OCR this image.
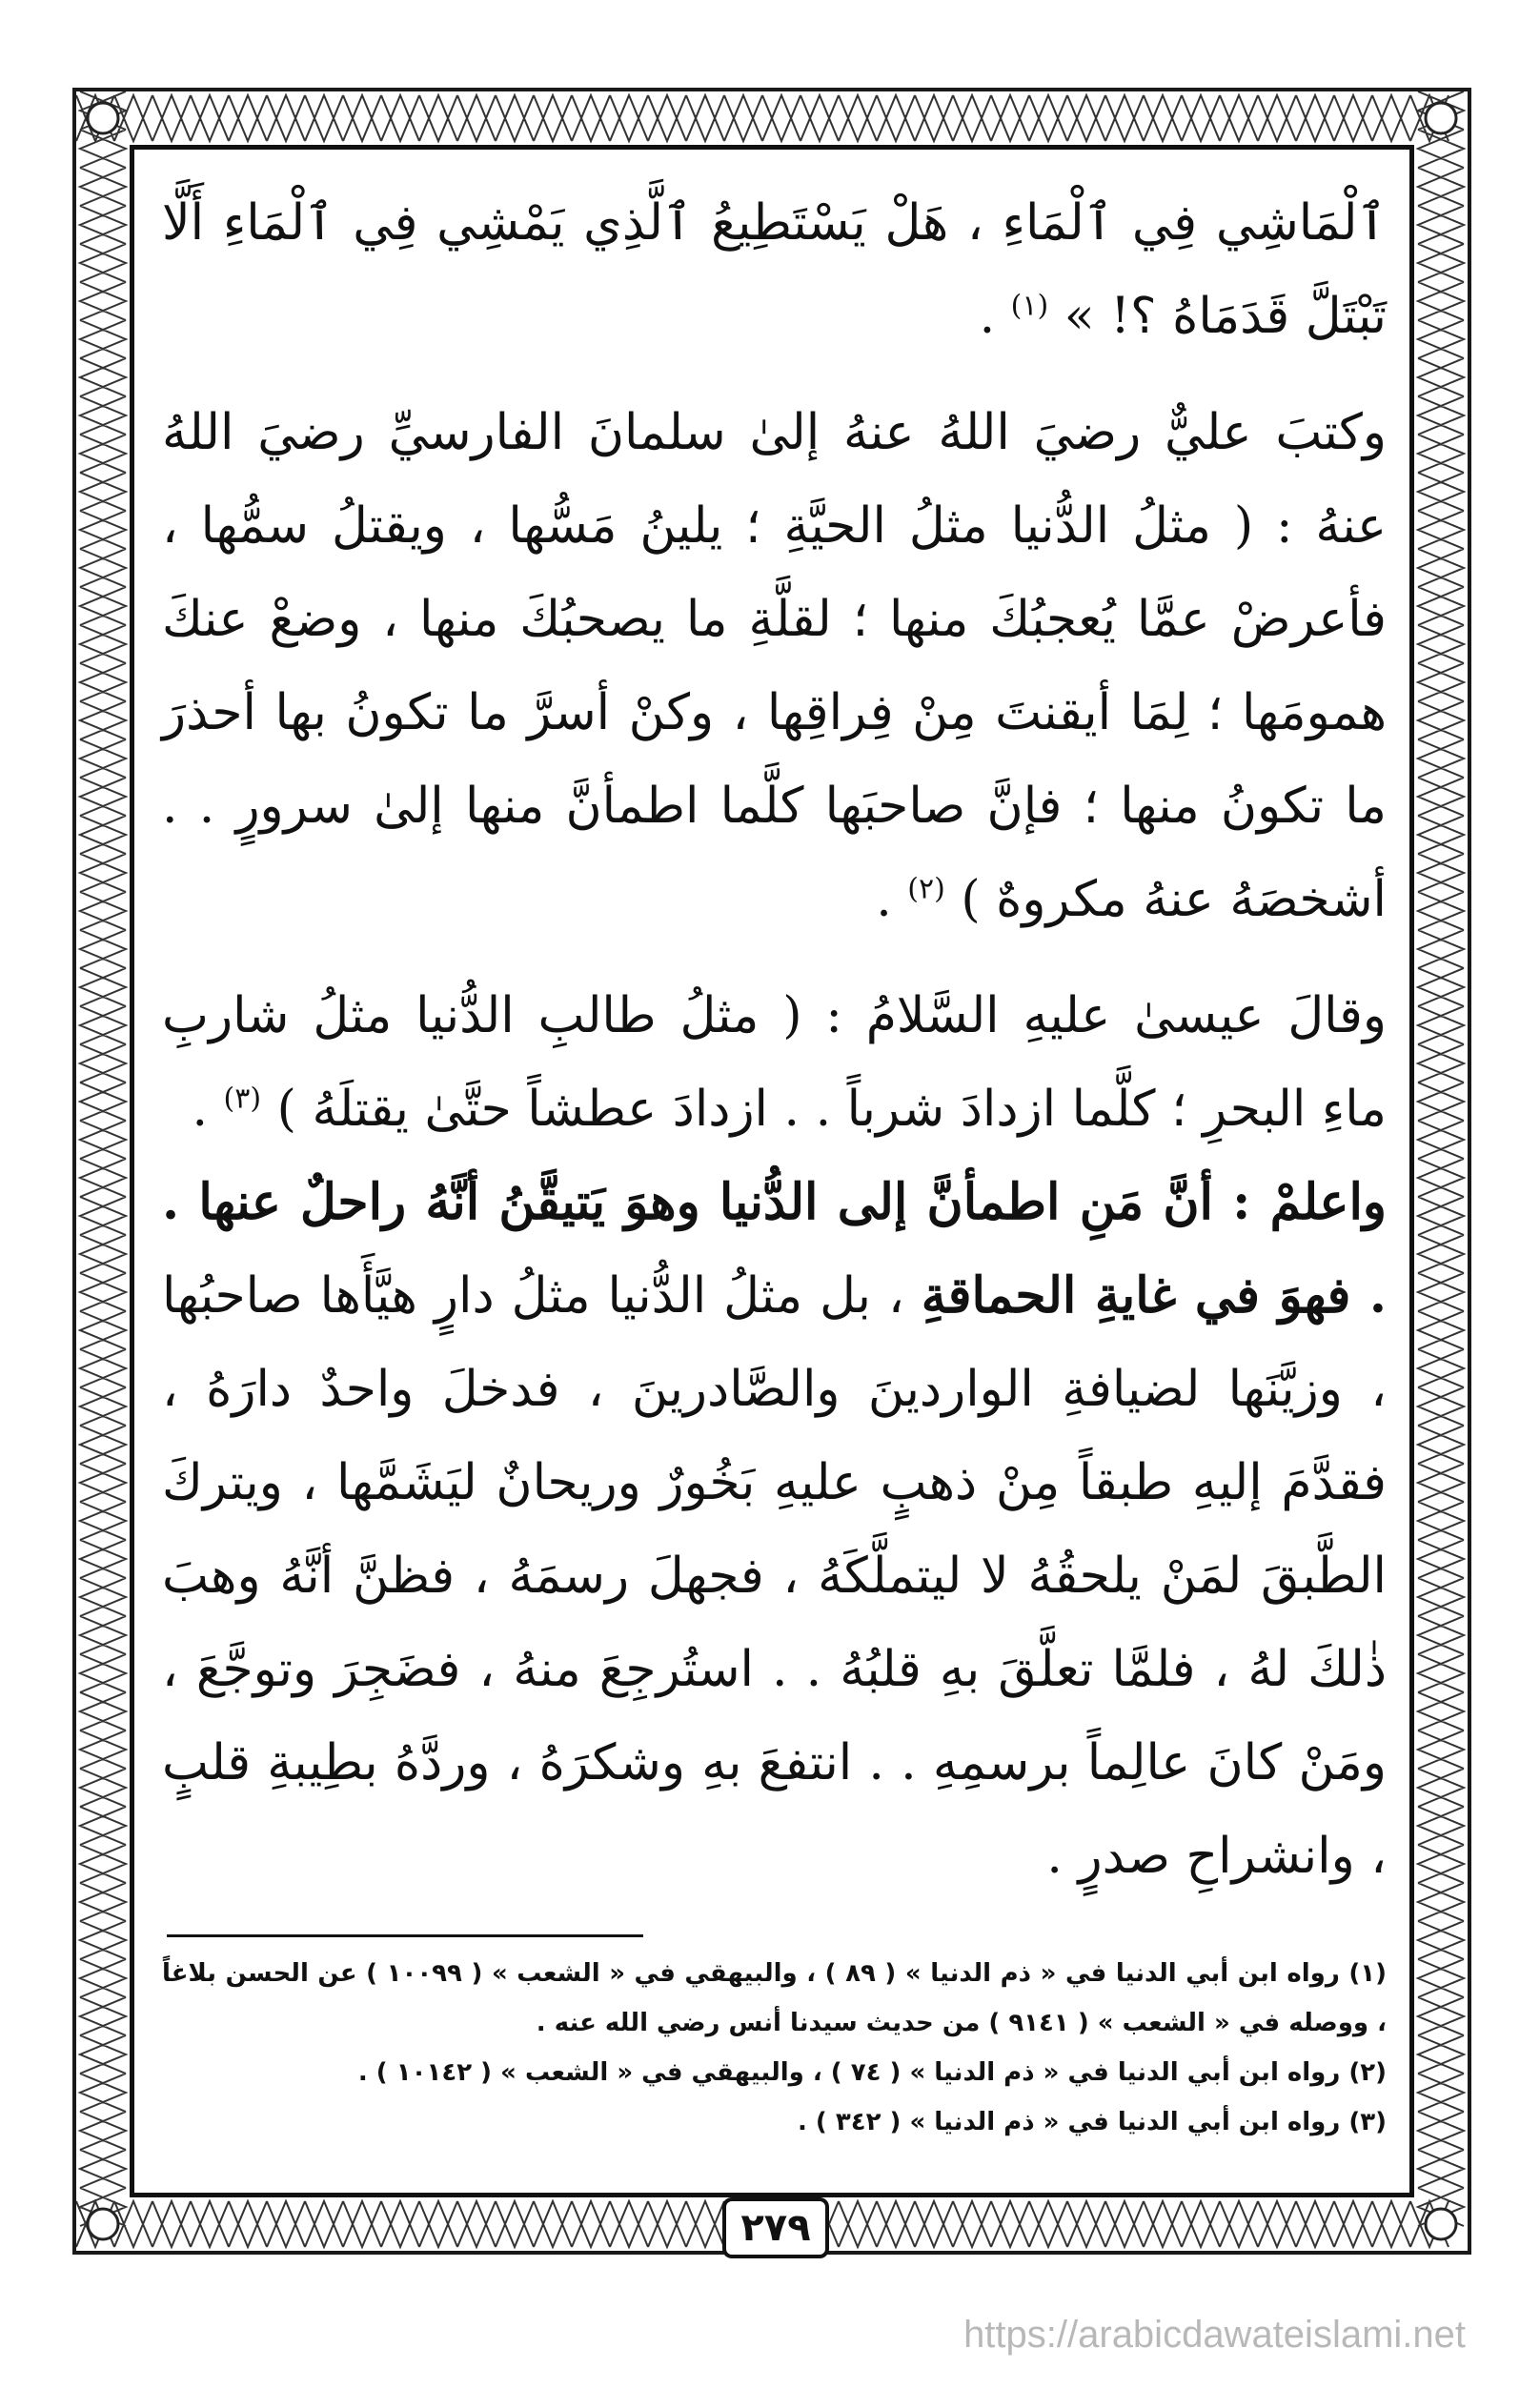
ٱلْمَاشِي فِي ٱلْمَاءِ ، هَلْ يَسْتَطِيعُ ٱلَّذِي يَمْشِي فِي ٱلْمَاءِ أَلَّا تَبْتَلَّ قَدَمَاهُ ؟! » $^{(١)}$ .

وكتبَ عليٌّ رضيَ اللهُ عنهُ إلىٰ سلمانَ الفارسيِّ رضيَ اللهُ عنهُ : ( مثلُ الدُّنيا مثلُ الحيَّةِ ؛ يلينُ مَسُّها ، ويقتلُ سمُّها ، فأعرضْ عمَّا يُعجبُكَ منها ؛ لقلَّةِ ما يصحبُكَ منها ، وضعْ عنكَ همومَها ؛ لِمَا أيقنتَ مِنْ فِراقِها ، وكنْ أسرَّ ما تكونُ بها أحذرَ ما تكونُ منها ؛ فإنَّ صاحبَها كلَّما اطمأنَّ منها إلىٰ سرورٍ . . أشخصَهُ عنهُ مكروهٌ ) $^{(٢)}$ .

وقالَ عيسىٰ عليهِ السَّلامُ : ( مثلُ طالبِ الدُّنيا مثلُ شاربِ ماءِ البحرِ ؛ كلَّما ازدادَ شرباً . . ازدادَ عطشاً حتَّىٰ يقتلَهُ ) $^{(٣)}$ .

واعلمْ : أنَّ مَنِ اطمأنَّ إلى الدُّنيا وهوَ يَتيقَّنُ أنَّهُ راحلٌ عنها . . فهوَ في غايةِ الحماقةِ ، بل مثلُ الدُّنيا مثلُ دارٍ هيَّأَها صاحبُها ، وزيَّنَها لضيافةِ الواردينَ والصَّادرينَ ، فدخلَ واحدٌ دارَهُ ، فقدَّمَ إليهِ طبقاً مِنْ ذهبٍ عليهِ بَخُورٌ وريحانٌ ليَشَمَّها ، ويتركَ الطَّبقَ لمَنْ يلحقُهُ لا ليتملَّكَهُ ، فجهلَ رسمَهُ ، فظنَّ أنَّهُ وهبَ ذٰلكَ لهُ ، فلمَّا تعلَّقَ بهِ قلبُهُ . . استُرجِعَ منهُ ، فضَجِرَ وتوجَّعَ ، ومَنْ كانَ عالِماً برسمِهِ . . انتفعَ بهِ وشكرَهُ ، وردَّهُ بطِيبةِ قلبٍ ، وانشراحِ صدرٍ .

(١) رواه ابن أبي الدنيا في « ذم الدنيا » ( ٨٩ ) ، والبيهقي في « الشعب » ( ١٠٠٩٩ ) عن الحسن بلاغاً ، ووصله في « الشعب » ( ٩١٤١ ) من حديث سيدنا أنس رضي الله عنه .

(٢) رواه ابن أبي الدنيا في « ذم الدنيا » ( ٧٤ ) ، والبيهقي في « الشعب » ( ١٠١٤٢ ) .

(٣) رواه ابن أبي الدنيا في « ذم الدنيا » ( ٣٤٢ ) .

٢٧٩
https://arabicdawateislami.net
